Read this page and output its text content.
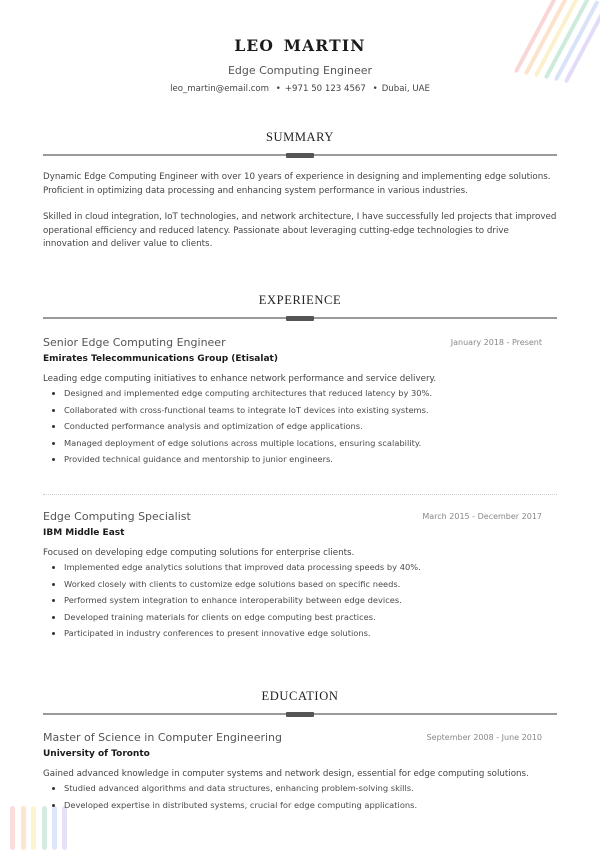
LEO MARTIN
Edge Computing Engineer
leo_martin@email.com • +971 50 123 4567 • Dubai, UAE
SUMMARY
Dynamic Edge Computing Engineer with over 10 years of experience in designing and implementing edge solutions. Proficient in optimizing data processing and enhancing system performance in various industries.
Skilled in cloud integration, IoT technologies, and network architecture, I have successfully led projects that improved operational efficiency and reduced latency. Passionate about leveraging cutting-edge technologies to drive innovation and deliver value to clients.
EXPERIENCE
Senior Edge Computing Engineer	January 2018 - Present
Emirates Telecommunications Group (Etisalat)
Leading edge computing initiatives to enhance network performance and service delivery.
Designed and implemented edge computing architectures that reduced latency by 30%.
Collaborated with cross-functional teams to integrate IoT devices into existing systems.
Conducted performance analysis and optimization of edge applications.
Managed deployment of edge solutions across multiple locations, ensuring scalability.
Provided technical guidance and mentorship to junior engineers.
Edge Computing Specialist	March 2015 - December 2017
IBM Middle East
Focused on developing edge computing solutions for enterprise clients.
Implemented edge analytics solutions that improved data processing speeds by 40%.
Worked closely with clients to customize edge solutions based on specific needs.
Performed system integration to enhance interoperability between edge devices.
Developed training materials for clients on edge computing best practices.
Participated in industry conferences to present innovative edge solutions.
EDUCATION
Master of Science in Computer Engineering	September 2008 - June 2010
University of Toronto
Gained advanced knowledge in computer systems and network design, essential for edge computing solutions.
Studied advanced algorithms and data structures, enhancing problem-solving skills.
Developed expertise in distributed systems, crucial for edge computing applications.
